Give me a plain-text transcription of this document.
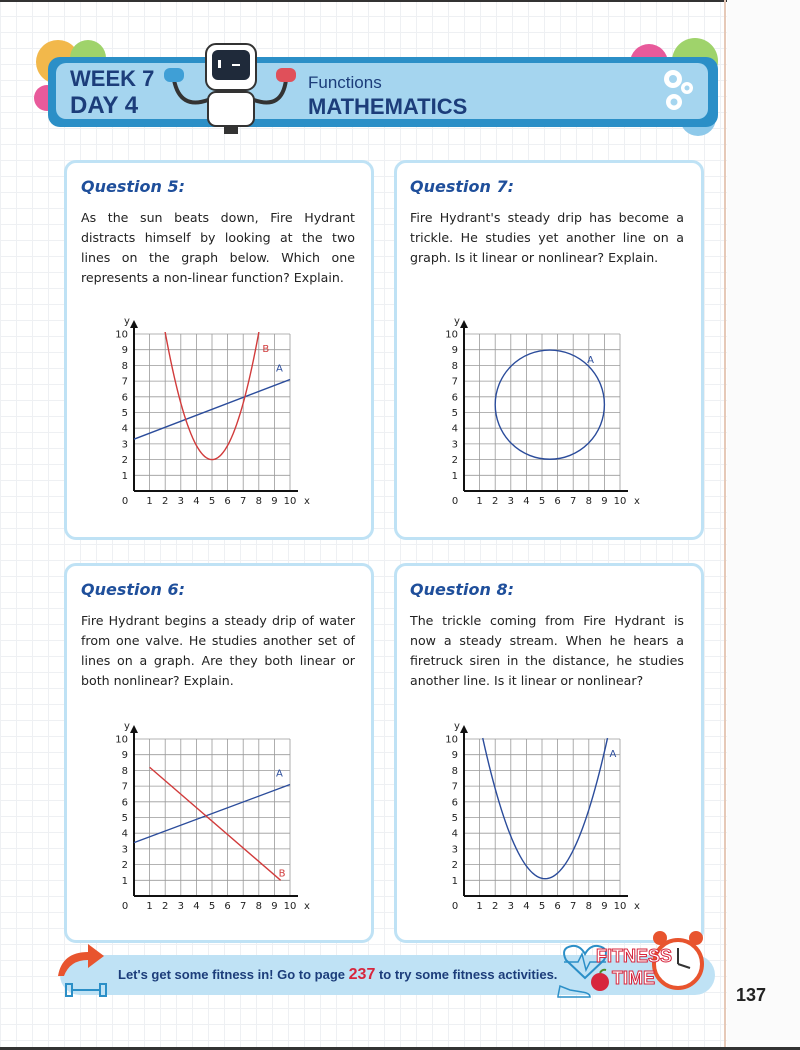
WEEK 7
DAY 4
Functions
MATHEMATICS
Question 5:
As the sun beats down, Fire Hydrant distracts himself by looking at the two lines on the graph below. Which one represents a non-linear function? Explain.
Question 7:
Fire Hydrant's steady drip has become a trickle. He studies yet another line on a graph. Is it linear or nonlinear? Explain.
Question 6:
Fire Hydrant begins a steady drip of water from one valve. He studies another set of lines on a graph. Are they both linear or both nonlinear? Explain.
Question 8:
The trickle coming from Fire Hydrant is now a steady stream. When he hears a firetruck siren in the distance, he studies another line. Is it linear or nonlinear?
0 1 2 3 4 5 6 7 8 9 10
1
2
3
4
5
6
7
8
9
10
x
y
A
B
0 1 2 3 4 5 6 7 8 9 10
1
2
3
4
5
6
7
8
9
10
x
y
A
0 1 2 3 4 5 6 7 8 9 10
1
2
3
4
5
6
7
8
9
10
x
y
A
B
0 1 2 3 4 5 6 7 8 9 10
1
2
3
4
5
6
7
8
9
10
x
y
A
Let's get some fitness in! Go to page 237 to try some fitness activities.
FITNESS
TIME
137
